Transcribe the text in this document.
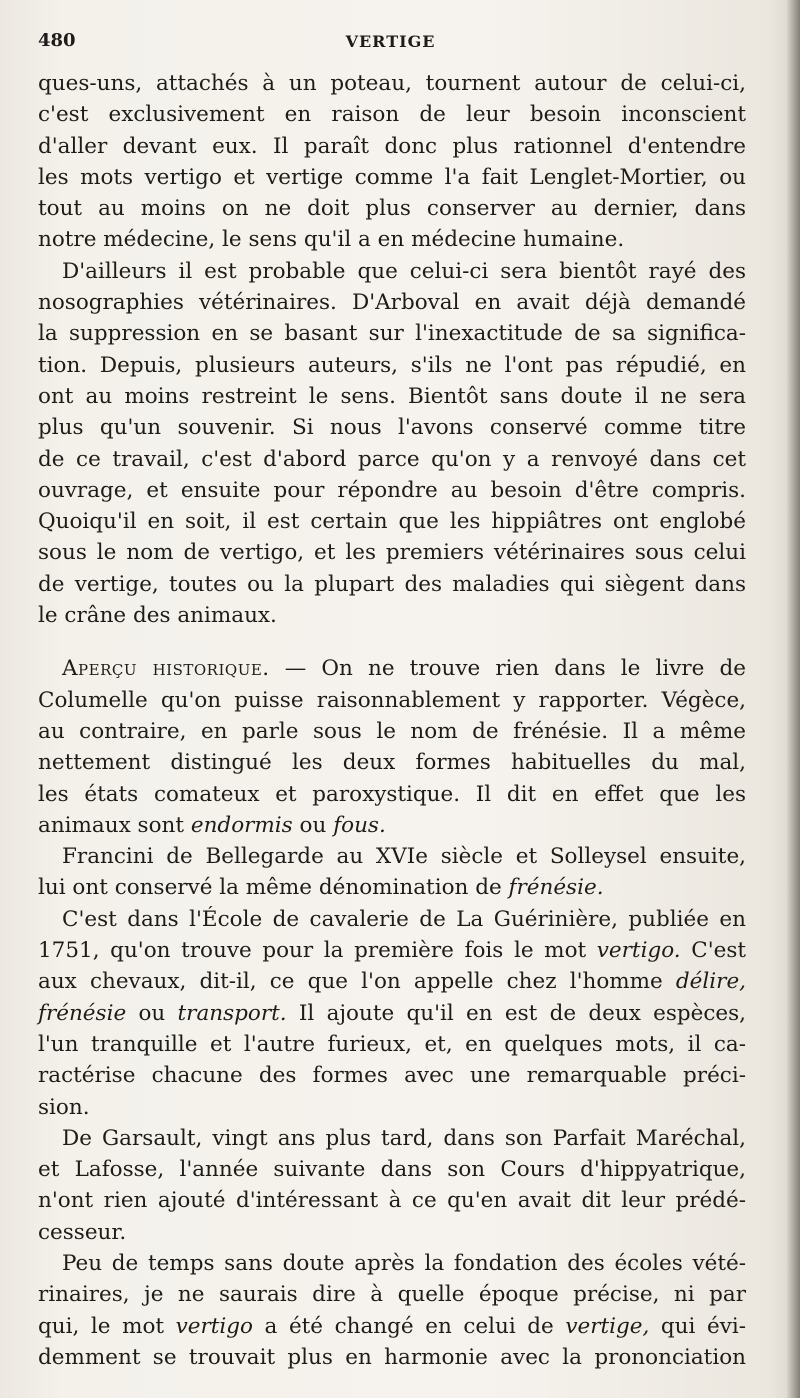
480	VERTIGE
ques-uns, attachés à un poteau, tournent autour de celui-ci,
c'est exclusivement en raison de leur besoin inconscient
d'aller devant eux. Il paraît donc plus rationnel d'entendre
les mots vertigo et vertige comme l'a fait Lenglet-Mortier, ou
tout au moins on ne doit plus conserver au dernier, dans
notre médecine, le sens qu'il a en médecine humaine.
D'ailleurs il est probable que celui-ci sera bientôt rayé des
nosographies vétérinaires. D'Arboval en avait déjà demandé
la suppression en se basant sur l'inexactitude de sa significa-
tion. Depuis, plusieurs auteurs, s'ils ne l'ont pas répudié, en
ont au moins restreint le sens. Bientôt sans doute il ne sera
plus qu'un souvenir. Si nous l'avons conservé comme titre
de ce travail, c'est d'abord parce qu'on y a renvoyé dans cet
ouvrage, et ensuite pour répondre au besoin d'être compris.
Quoiqu'il en soit, il est certain que les hippiâtres ont englobé
sous le nom de vertigo, et les premiers vétérinaires sous celui
de vertige, toutes ou la plupart des maladies qui siègent dans
le crâne des animaux.
Aperçu historique. — On ne trouve rien dans le livre de
Columelle qu'on puisse raisonnablement y rapporter. Végèce,
au contraire, en parle sous le nom de frénésie. Il a même
nettement distingué les deux formes habituelles du mal,
les états comateux et paroxystique. Il dit en effet que les
animaux sont endormis ou fous.
Francini de Bellegarde au XVIe siècle et Solleysel ensuite,
lui ont conservé la même dénomination de frénésie.
C'est dans l'École de cavalerie de La Guérinière, publiée en
1751, qu'on trouve pour la première fois le mot vertigo. C'est
aux chevaux, dit-il, ce que l'on appelle chez l'homme délire,
frénésie ou transport. Il ajoute qu'il en est de deux espèces,
l'un tranquille et l'autre furieux, et, en quelques mots, il ca-
ractérise chacune des formes avec une remarquable préci-
sion.
De Garsault, vingt ans plus tard, dans son Parfait Maréchal,
et Lafosse, l'année suivante dans son Cours d'hippyatrique,
n'ont rien ajouté d'intéressant à ce qu'en avait dit leur prédé-
cesseur.
Peu de temps sans doute après la fondation des écoles vété-
rinaires, je ne saurais dire à quelle époque précise, ni par
qui, le mot vertigo a été changé en celui de vertige, qui évi-
demment se trouvait plus en harmonie avec la prononciation
